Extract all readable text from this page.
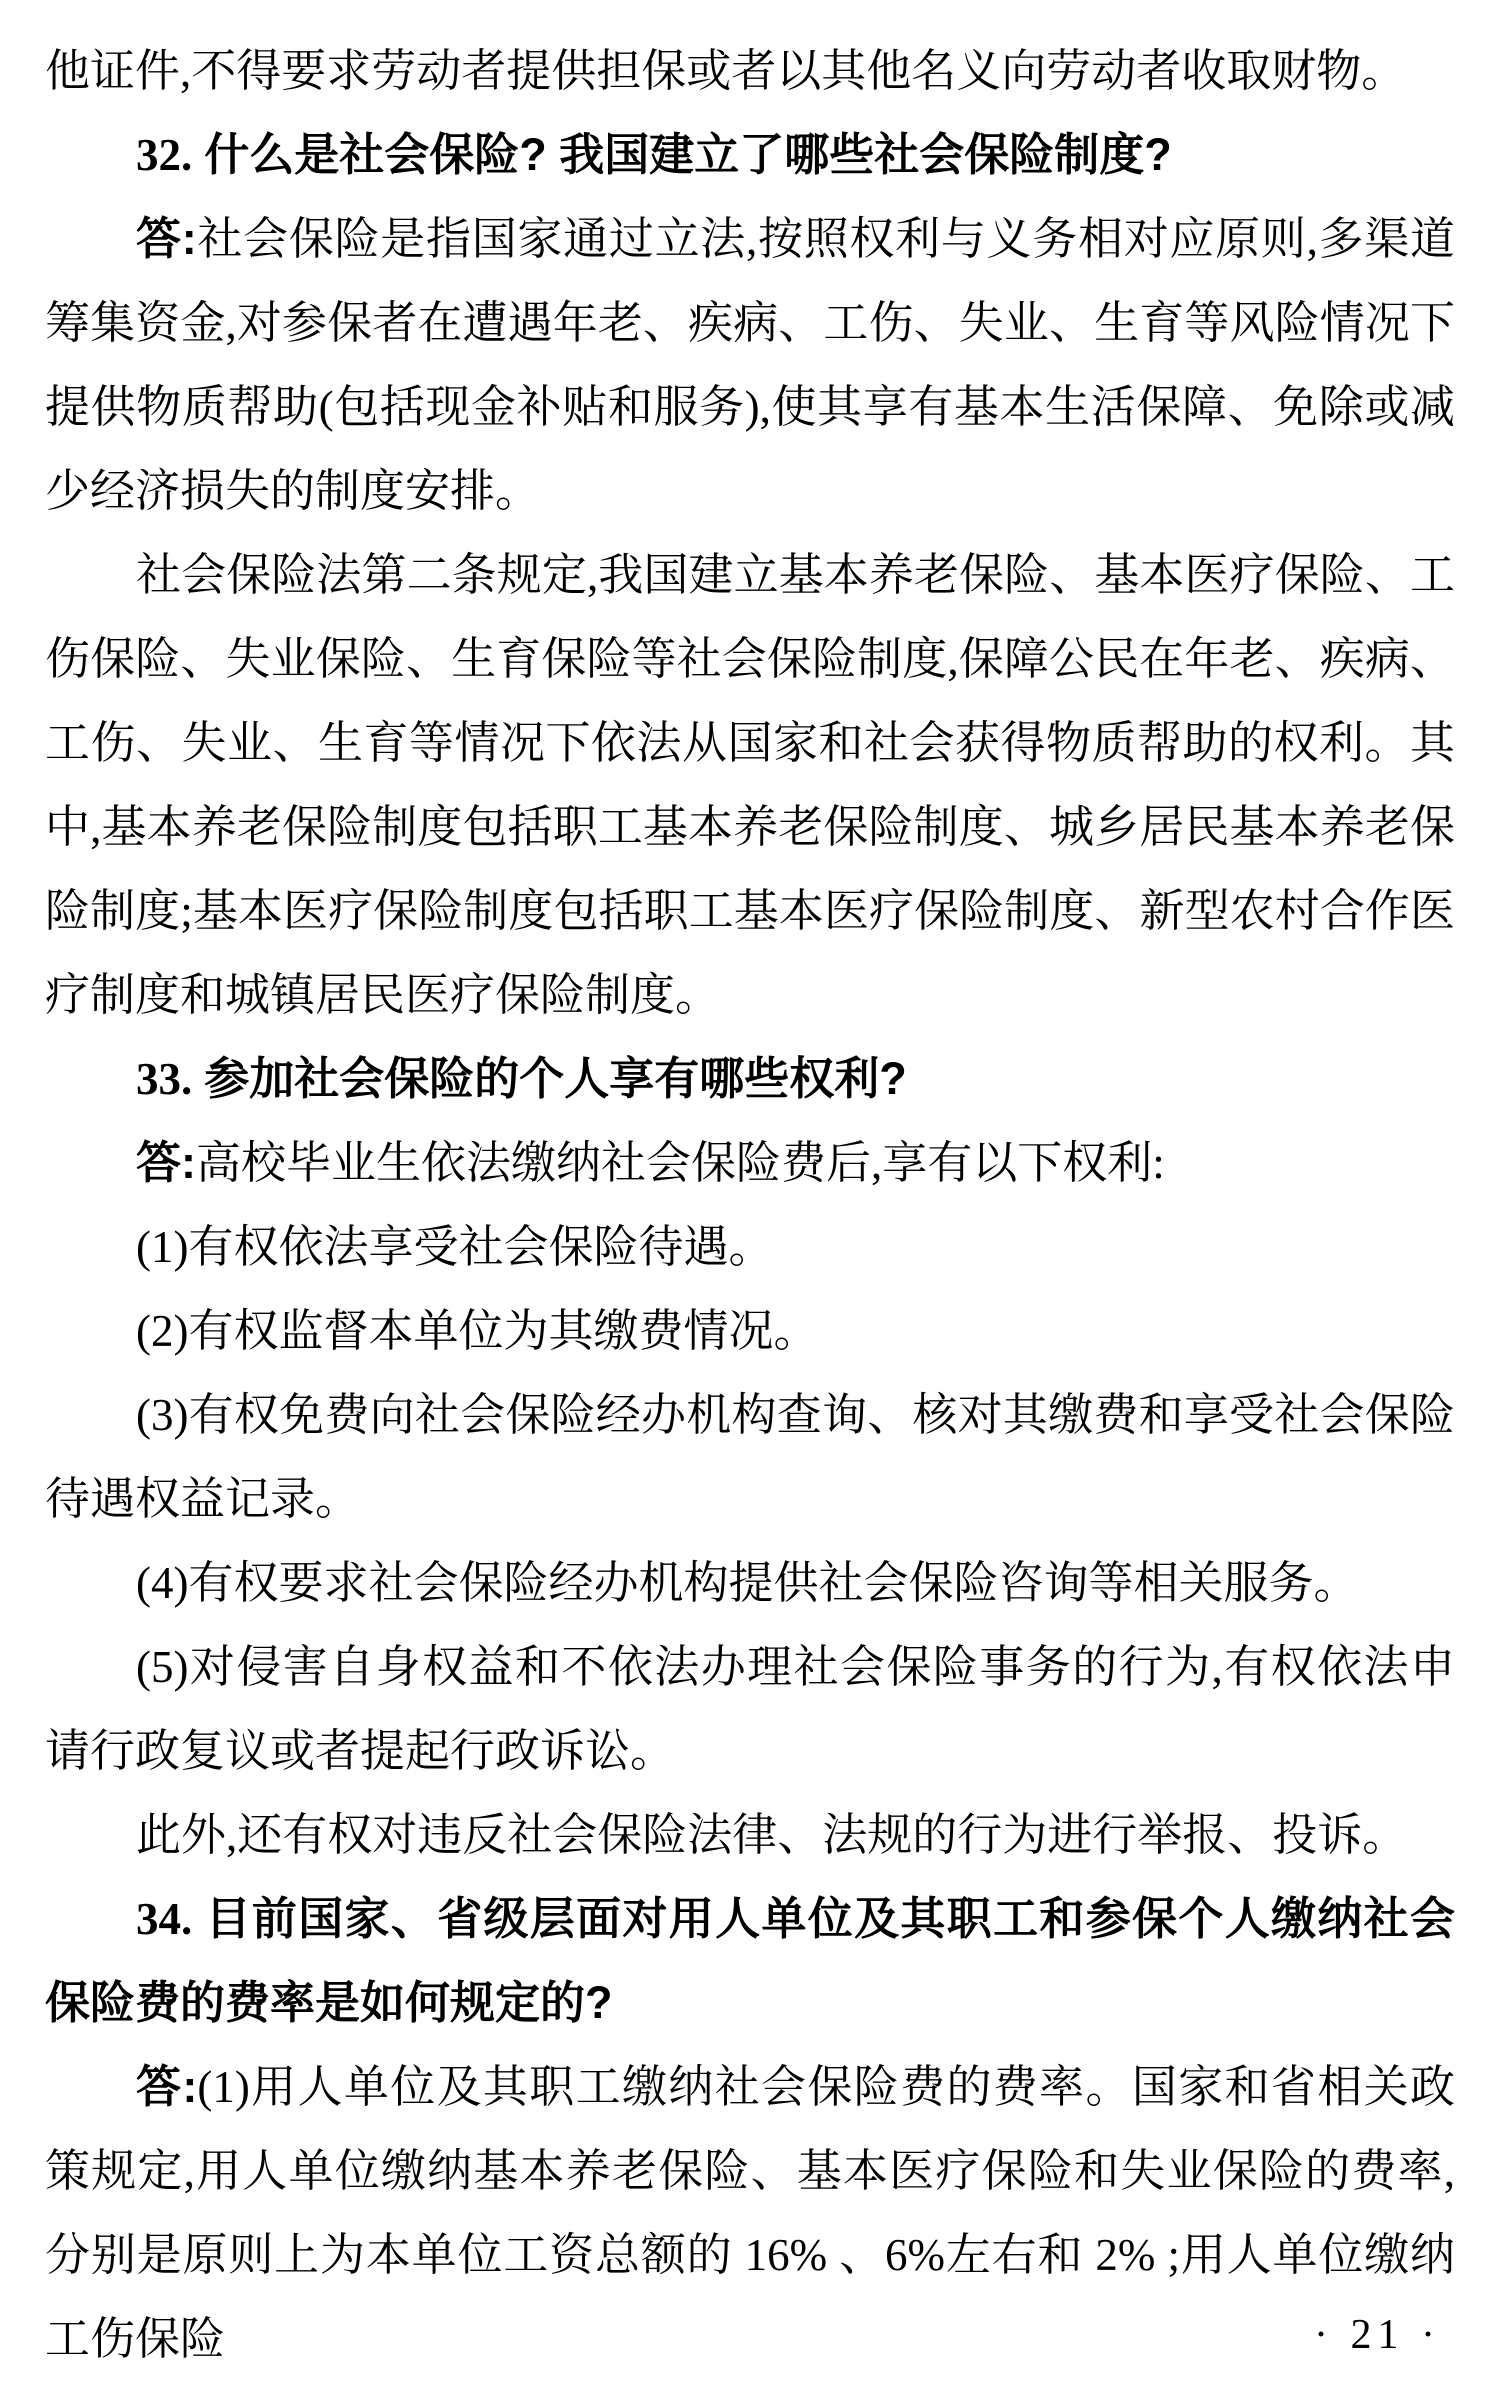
他证件,不得要求劳动者提供担保或者以其他名义向劳动者收取财物。

32. 什么是社会保险? 我国建立了哪些社会保险制度?

答:社会保险是指国家通过立法,按照权利与义务相对应原则,多渠道筹集资金,对参保者在遭遇年老、疾病、工伤、失业、生育等风险情况下提供物质帮助(包括现金补贴和服务),使其享有基本生活保障、免除或减少经济损失的制度安排。

社会保险法第二条规定,我国建立基本养老保险、基本医疗保险、工伤保险、失业保险、生育保险等社会保险制度,保障公民在年老、疾病、工伤、失业、生育等情况下依法从国家和社会获得物质帮助的权利。其中,基本养老保险制度包括职工基本养老保险制度、城乡居民基本养老保险制度;基本医疗保险制度包括职工基本医疗保险制度、新型农村合作医疗制度和城镇居民医疗保险制度。

33. 参加社会保险的个人享有哪些权利?

答:高校毕业生依法缴纳社会保险费后,享有以下权利:

(1)有权依法享受社会保险待遇。

(2)有权监督本单位为其缴费情况。

(3)有权免费向社会保险经办机构查询、核对其缴费和享受社会保险待遇权益记录。

(4)有权要求社会保险经办机构提供社会保险咨询等相关服务。

(5)对侵害自身权益和不依法办理社会保险事务的行为,有权依法申请行政复议或者提起行政诉讼。

此外,还有权对违反社会保险法律、法规的行为进行举报、投诉。

34. 目前国家、省级层面对用人单位及其职工和参保个人缴纳社会保险费的费率是如何规定的?

答:(1)用人单位及其职工缴纳社会保险费的费率。国家和省相关政策规定,用人单位缴纳基本养老保险、基本医疗保险和失业保险的费率,分别是原则上为本单位工资总额的 16% 、6%左右和 2% ;用人单位缴纳工伤保险	· 21 ·
